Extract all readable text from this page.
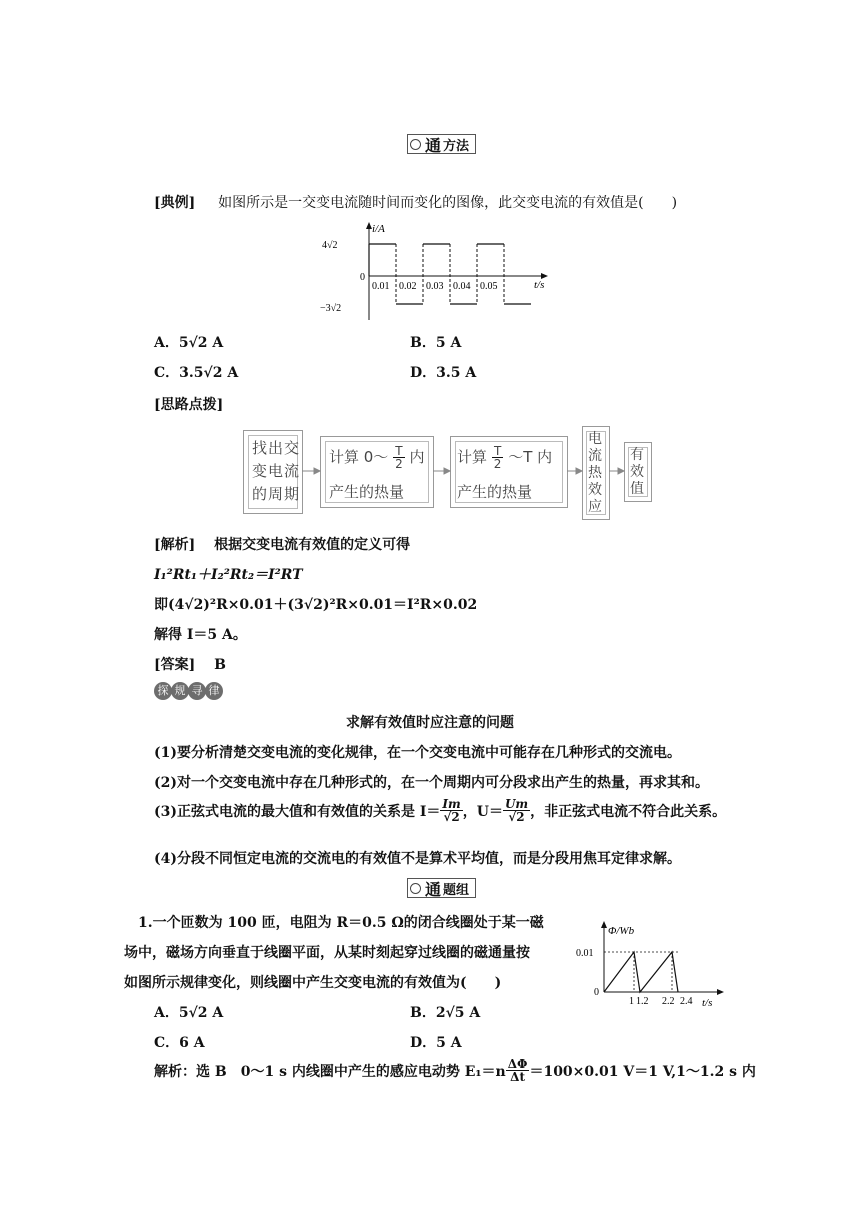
通 方法
[典例] 如图所示是一交变电流随时间而变化的图像，此交变电流的有效值是(　　)
i/A
4√2
0
−3√2
t/s
0.01 0.02 0.03 0.04 0.05
A．5√2 A	B．5 A
C．3.5√2 A	D．3.5 A
[思路点拨]
找出交
变电流
的周期
计算 0～ $\frac{T}{2}$ 内
产生的热量
计算 $\frac{T}{2}$ ～T 内
产生的热量
电
流
热
效
应
有
效
值
[解析] 根据交变电流有效值的定义可得
I₁²Rt₁＋I₂²Rt₂＝I²RT
即(4√2)²R×0.01＋(3√2)²R×0.01＝I²R×0.02
解得 I＝5 A。
[答案] B
探 规 寻 律
求解有效值时应注意的问题
(1)要分析清楚交变电流的变化规律，在一个交变电流中可能存在几种形式的交流电。
(2)对一个交变电流中存在几种形式的，在一个周期内可分段求出产生的热量，再求其和。
(3)正弦式电流的最大值和有效值的关系是 $I= \frac{Im}{√2}$ ，$U= \frac{Um}{√2}$ ，非正弦式电流不符合此关系。
(4)分段不同恒定电流的交流电的有效值不是算术平均值，而是分段用焦耳定律求解。
通 题组
1.一个匝数为 100 匝，电阻为 R＝0.5 Ω的闭合线圈处于某一磁
场中，磁场方向垂直于线圈平面，从某时刻起穿过线圈的磁通量按
如图所示规律变化，则线圈中产生交变电流的有效值为(　　)
Φ/Wb
0.01
0
1 1.2 2.2 2.4 t/s
A．5√2 A	B．2√5 A
C．6 A	D．5 A
解析：选 B　0～1 s 内线圈中产生的感应电动势 $E_1=n \frac{\Delta\Phi}{\Delta t} =100\times 0.01$ V＝1 V,1～1.2 s 内
